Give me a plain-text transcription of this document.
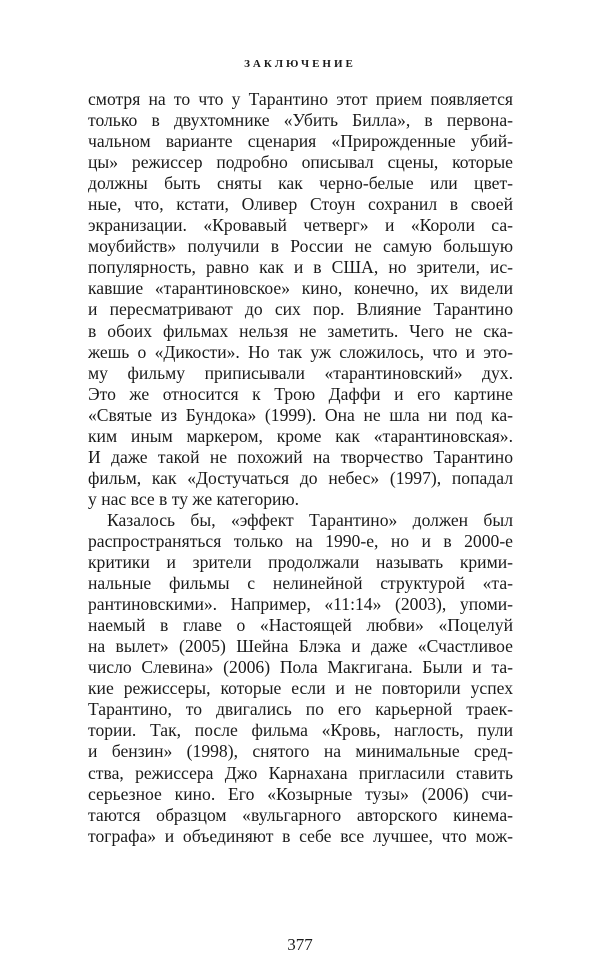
ЗАКЛЮЧЕНИЕ
смотря на то что у Тарантино этот прием появляется
только в двухтомнике «Убить Билла», в первона-
чальном варианте сценария «Прирожденные убий-
цы» режиссер подробно описывал сцены, которые
должны быть сняты как черно-белые или цвет-
ные, что, кстати, Оливер Стоун сохранил в своей
экранизации. «Кровавый четверг» и «Короли са-
моубийств» получили в России не самую большую
популярность, равно как и в США, но зрители, ис-
кавшие «тарантиновское» кино, конечно, их видели
и пересматривают до сих пор. Влияние Тарантино
в обоих фильмах нельзя не заметить. Чего не ска-
жешь о «Дикости». Но так уж сложилось, что и это-
му фильму приписывали «тарантиновский» дух.
Это же относится к Трою Даффи и его картине
«Святые из Бундока» (1999). Она не шла ни под ка-
ким иным маркером, кроме как «тарантиновская».
И даже такой не похожий на творчество Тарантино
фильм, как «Достучаться до небес» (1997), попадал
у нас все в ту же категорию.
Казалось бы, «эффект Тарантино» должен был
распространяться только на 1990-е, но и в 2000-е
критики и зрители продолжали называть крими-
нальные фильмы с нелинейной структурой «та-
рантиновскими». Например, «11:14» (2003), упоми-
наемый в главе о «Настоящей любви» «Поцелуй
на вылет» (2005) Шейна Блэка и даже «Счастливое
число Слевина» (2006) Пола Макгигана. Были и та-
кие режиссеры, которые если и не повторили успех
Тарантино, то двигались по его карьерной траек-
тории. Так, после фильма «Кровь, наглость, пули
и бензин» (1998), снятого на минимальные сред-
ства, режиссера Джо Карнахана пригласили ставить
серьезное кино. Его «Козырные тузы» (2006) счи-
таются образцом «вульгарного авторского кинема-
тографа» и объединяют в себе все лучшее, что мож-
377
